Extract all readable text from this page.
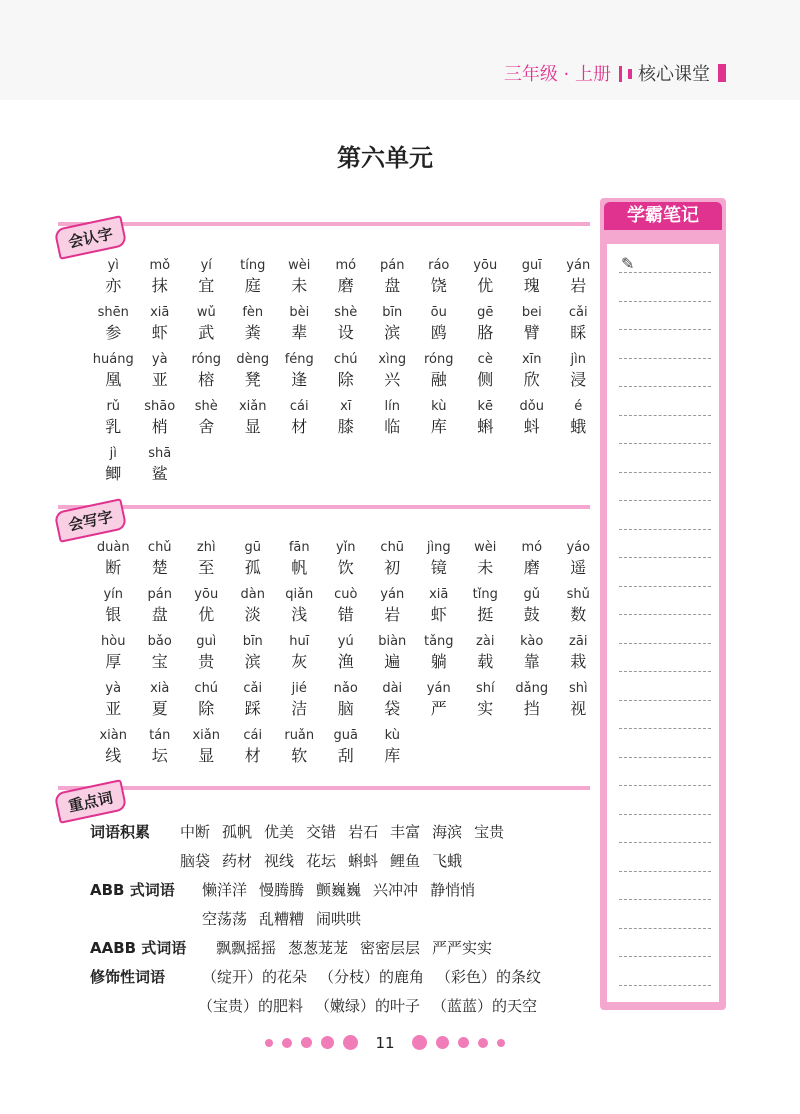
三年级 · 上册 核心课堂
第六单元
会认字
yì
亦
mǒ
抹
yí
宜
tíng
庭
wèi
未
mó
磨
pán
盘
ráo
饶
yōu
优
guī
瑰
yán
岩
shēn
参
xiā
虾
wǔ
武
fèn
粪
bèi
辈
shè
设
bīn
滨
ōu
鸥
gē
胳
bei
臂
cǎi
睬
huáng
凰
yà
亚
róng
榕
dèng
凳
féng
逢
chú
除
xìng
兴
róng
融
cè
侧
xīn
欣
jìn
浸
rǔ
乳
shāo
梢
shè
舍
xiǎn
显
cái
材
xī
膝
lín
临
kù
库
kē
蝌
dǒu
蚪
é
蛾
jì
鲫
shā
鲨
会写字
duàn
断
chǔ
楚
zhì
至
gū
孤
fān
帆
yǐn
饮
chū
初
jìng
镜
wèi
未
mó
磨
yáo
遥
yín
银
pán
盘
yōu
优
dàn
淡
qiǎn
浅
cuò
错
yán
岩
xiā
虾
tǐng
挺
gǔ
鼓
shǔ
数
hòu
厚
bǎo
宝
guì
贵
bīn
滨
huī
灰
yú
渔
biàn
遍
tǎng
躺
zài
载
kào
靠
zāi
栽
yà
亚
xià
夏
chú
除
cǎi
踩
jié
洁
nǎo
脑
dài
袋
yán
严
shí
实
dǎng
挡
shì
视
xiàn
线
tán
坛
xiǎn
显
cái
材
ruǎn
软
guā
刮
kù
库
重点词
词语积累 中断 孤帆 优美 交错 岩石 丰富 海滨 宝贵
脑袋 药材 视线 花坛 蝌蚪 鲤鱼 飞蛾
ABB 式词语 懒洋洋 慢腾腾 颤巍巍 兴冲冲 静悄悄
空荡荡 乱糟糟 闹哄哄
AABB 式词语 飘飘摇摇 葱葱茏茏 密密层层 严严实实
修饰性词语 （绽开）的花朵 （分枝）的鹿角 （彩色）的条纹
（宝贵）的肥料 （嫩绿）的叶子 （蓝蓝）的天空
学霸笔记
✎
11
